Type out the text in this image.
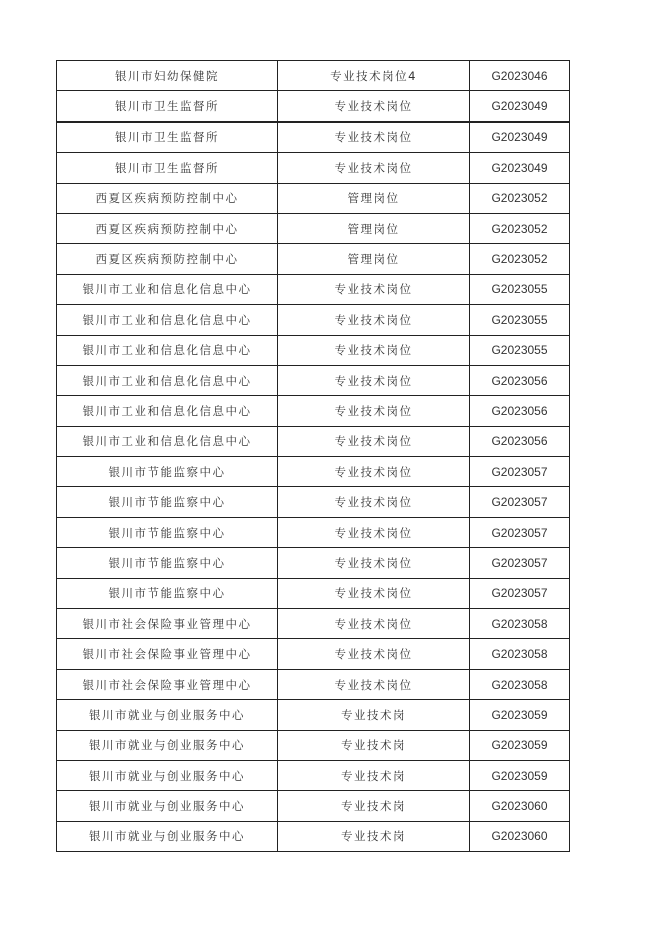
银川市妇幼保健院	专业技术岗位4	G2023046
银川市卫生监督所	专业技术岗位	G2023049
银川市卫生监督所	专业技术岗位	G2023049
银川市卫生监督所	专业技术岗位	G2023049
西夏区疾病预防控制中心	管理岗位	G2023052
西夏区疾病预防控制中心	管理岗位	G2023052
西夏区疾病预防控制中心	管理岗位	G2023052
银川市工业和信息化信息中心	专业技术岗位	G2023055
银川市工业和信息化信息中心	专业技术岗位	G2023055
银川市工业和信息化信息中心	专业技术岗位	G2023055
银川市工业和信息化信息中心	专业技术岗位	G2023056
银川市工业和信息化信息中心	专业技术岗位	G2023056
银川市工业和信息化信息中心	专业技术岗位	G2023056
银川市节能监察中心	专业技术岗位	G2023057
银川市节能监察中心	专业技术岗位	G2023057
银川市节能监察中心	专业技术岗位	G2023057
银川市节能监察中心	专业技术岗位	G2023057
银川市节能监察中心	专业技术岗位	G2023057
银川市社会保险事业管理中心	专业技术岗位	G2023058
银川市社会保险事业管理中心	专业技术岗位	G2023058
银川市社会保险事业管理中心	专业技术岗位	G2023058
银川市就业与创业服务中心	专业技术岗	G2023059
银川市就业与创业服务中心	专业技术岗	G2023059
银川市就业与创业服务中心	专业技术岗	G2023059
银川市就业与创业服务中心	专业技术岗	G2023060
银川市就业与创业服务中心	专业技术岗	G2023060
